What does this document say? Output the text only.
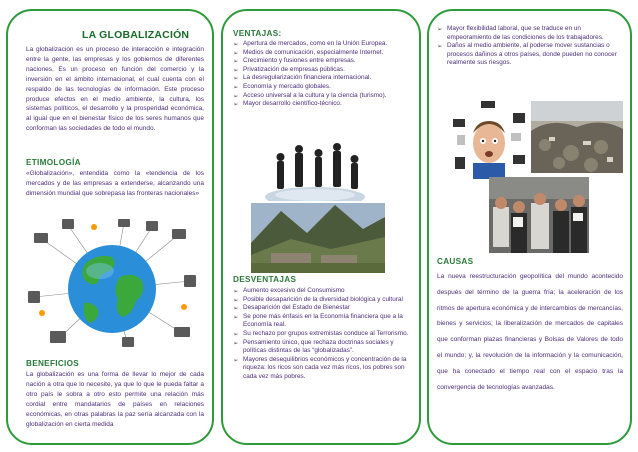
LA GLOBALIZACIÓN

La globalización es un proceso de interacción e integración entre la gente, las empresas y los gobiernos de diferentes naciones. Es un proceso en función del comercio y la inversión en el ámbito internacional, el cual cuenta con el respaldo de las tecnologías de información. Este proceso produce efectos en el medio ambiente, la cultura, los sistemas políticos, el desarrollo y la prosperidad económica, al igual que en el bienestar físico de los seres humanos que conforman las sociedades de todo el mundo.

ETIMOLOGÍA

«Globalización», entendida como la «tendencia de los mercados y de las empresas a extenderse, alcanzando una dimensión mundial que sobrepasa las fronteras nacionales»

BENEFICIOS

La globalización es una forma de llevar lo mejor de cada nación a otra que lo necesite, ya que lo que le pueda faltar a otro país le sobra a otro esto permite una relación más cordial entre mandatarios de países en relaciones económicas, en otras palabras la paz sería alcanzada con la globalización en cierta medida

VENTAJAS:
➢ Apertura de mercados, como en la Unión Europea.
➢ Medios de comunicación, especialmente Internet.
➢ Crecimiento y fusiones entre empresas.
➢ Privatización de empresas públicas.
➢ La desregularización financiera internacional.
➢ Economía y mercado globales.
➢ Acceso universal a la cultura y la ciencia (turismo).
➢ Mayor desarrollo científico-técnico.
DESVENTAJAS
➢ Aumento excesivo del Consumismo
➢ Posible desaparición de la diversidad biológica y cultural
➢ Desaparición del Estado de Bienestar
➢ Se pone más énfasis en la Economía financiera que a la Economía real.
➢ Su rechazo por grupos extremistas conduce al Terrorismo.
➢ Pensamiento único, que rechaza doctrinas sociales y políticas distintas de las “globalizadas”.
➢ Mayores desequilibrios económicos y concentración de la riqueza: los ricos son cada vez más ricos, los pobres son cada vez más pobres.
➢ Mayor flexibilidad laboral, que se traduce en un empeoramiento de las condiciones de los trabajadores.
➢ Daños al medio ambiente, al poderse mover sustancias o procesos dañinos a otros países, donde pueden no conocer realmente sus riesgos.
CAUSAS

La nueva reestructuración geopolítica del mundo acontecido después del término de la guerra fría; la aceleración de los ritmos de apertura económica y de intercambios de mercancías, bienes y servicios; la liberalización de mercados de capitales que conforman plazas financieras y Bolsas de Valores de todo el mundo; y, la revolución de la información y la comunicación, que ha conectado el tiempo real con el espacio tras la convergencia de tecnologías avanzadas.
